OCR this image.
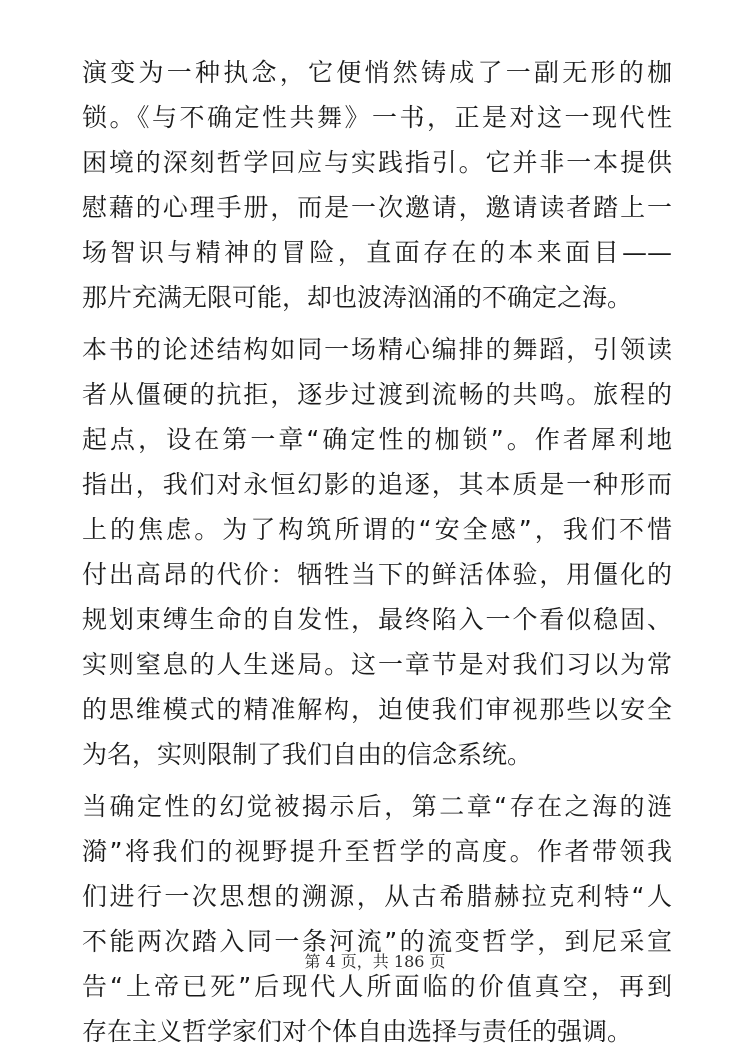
演变为一种执念，它便悄然铸成了一副无形的枷
锁。《与不确定性共舞》一书，正是对这一现代性
困境的深刻哲学回应与实践指引。它并非一本提供
慰藉的心理手册，而是一次邀请，邀请读者踏上一
场智识与精神的冒险，直面存在的本来面目——
那片充满无限可能，却也波涛汹涌的不确定之海。
本书的论述结构如同一场精心编排的舞蹈，引领读
者从僵硬的抗拒，逐步过渡到流畅的共鸣。旅程的
起点，设在第一章“确定性的枷锁”。作者犀利地
指出，我们对永恒幻影的追逐，其本质是一种形而
上的焦虑。为了构筑所谓的“安全感”，我们不惜
付出高昂的代价：牺牲当下的鲜活体验，用僵化的
规划束缚生命的自发性，最终陷入一个看似稳固、
实则窒息的人生迷局。这一章节是对我们习以为常
的思维模式的精准解构，迫使我们审视那些以安全
为名，实则限制了我们自由的信念系统。
当确定性的幻觉被揭示后，第二章“存在之海的涟
漪”将我们的视野提升至哲学的高度。作者带领我
们进行一次思想的溯源，从古希腊赫拉克利特“人
不能两次踏入同一条河流”的流变哲学，到尼采宣
告“上帝已死”后现代人所面临的价值真空，再到
存在主义哲学家们对个体自由选择与责任的强调。
第 4 页，共 186 页
